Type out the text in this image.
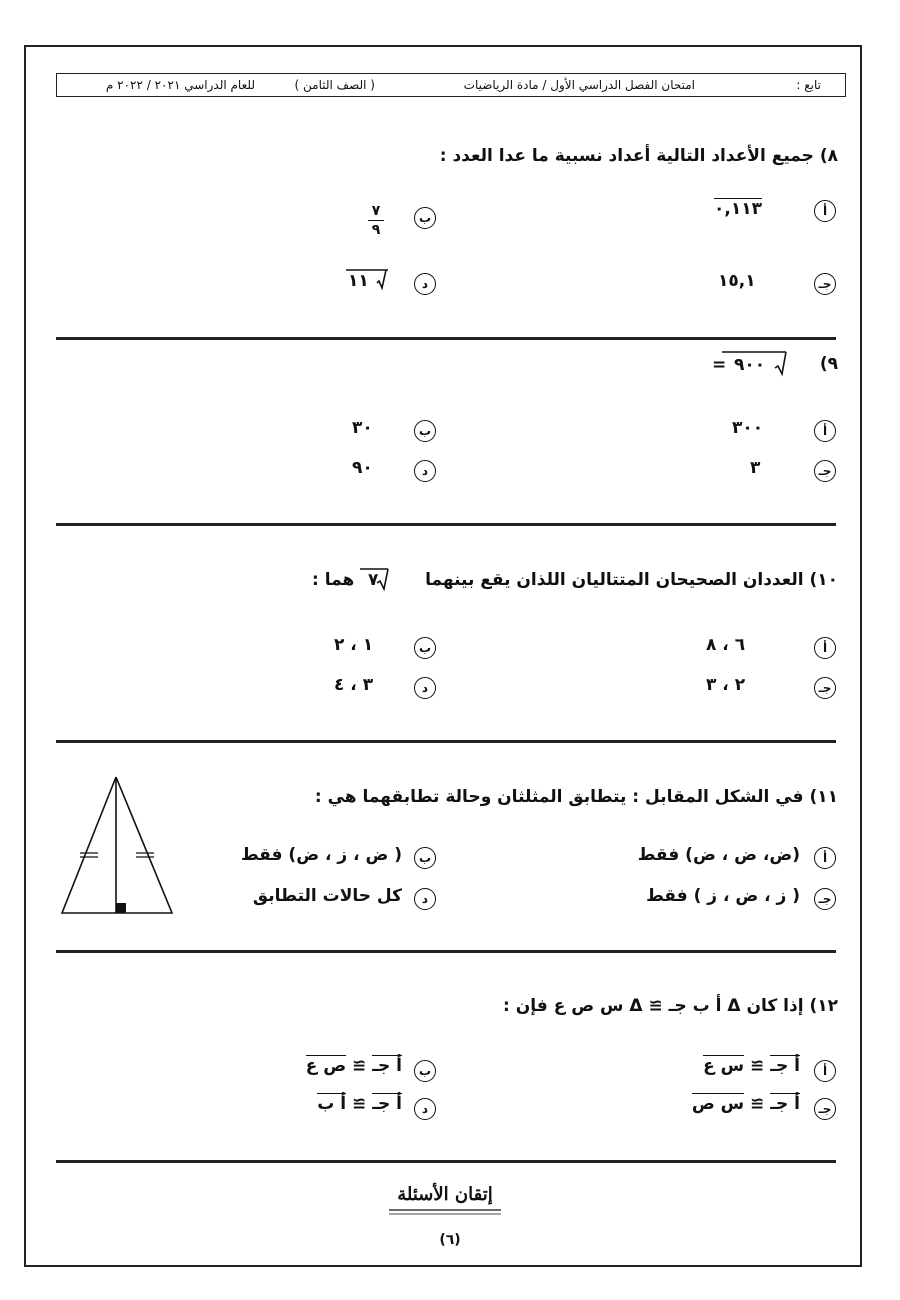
تابع :
امتحان الفصل الدراسي الأول / مادة الرياضيات
( الصف الثامن )
للعام الدراسي ٢٠٢١ / ٢٠٢٢ م
٨) جميع الأعداد التالية أعداد نسبية ما عدا العدد :
أ
٠,١١٣
ب
٧
٩
جـ
١٥,١
د
١١
٩)
٩٠٠
=
أ
٣٠٠
ب
٣٠
جـ
٣
د
٩٠
١٠) العددان الصحيحان المتتاليان اللذان يقع بينهما
٧
هما :
أ
٦ ، ٨
ب
١ ، ٢
جـ
٢ ، ٣
د
٣ ، ٤
١١) في الشكل المقابل : يتطابق المثلثان وحالة تطابقهما هي :
أ
(ض، ض ، ض) فقط
ب
( ض ، ز ، ض) فقط
جـ
( ز ، ض ، ز ) فقط
د
كل حالات التطابق
١٢) إذا كان Δ أ ب جـ ≅ Δ س ص ع فإن :
أ
أ جـ ≅ س ع
ب
أ جـ ≅ ص ع
جـ
أ جـ ≅ س ص
د
أ جـ ≅ أ ب
إتقان الأسئلة
(٦)
